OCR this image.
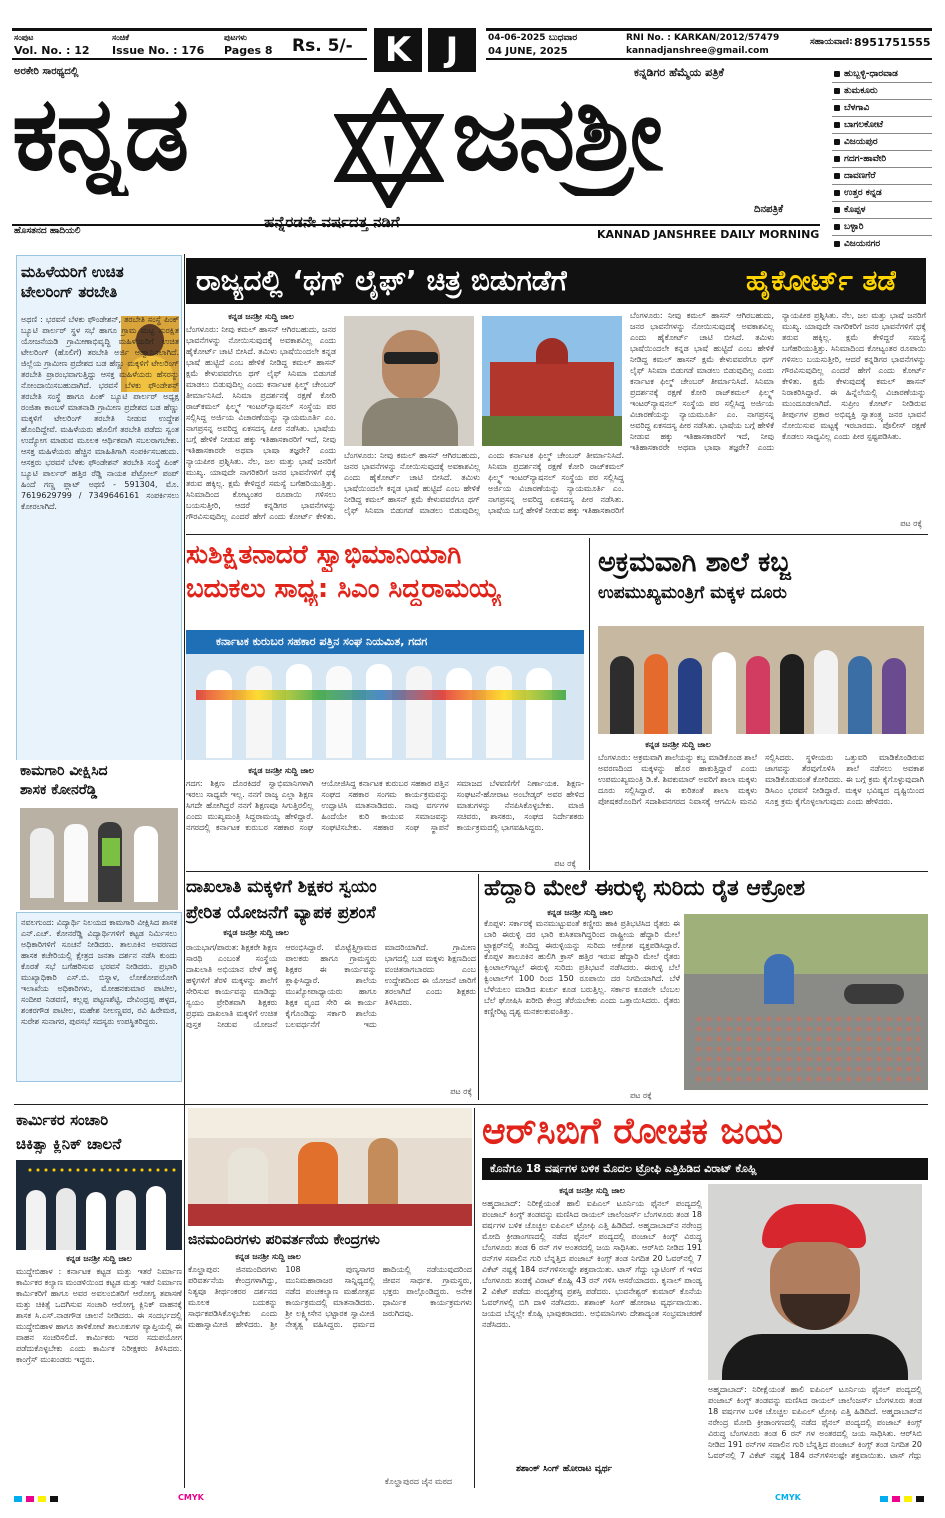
ಸಂಪುಟ
Vol. No. : 12
ಸಂಚಿಕೆ
Issue No. : 176
ಪುಟಗಳು
Pages 8 Rs. 5/- K	J	04-06-2025 ಬುಧವಾರ
04 JUNE, 2025
RNI No. : KARKAN/2012/57479
kannadjanshree@gmail.com
ಸಹಾಯವಾಣಿ: 8951751555
ಅರಕೇರಿ ಸಾರಥ್ಯದಲ್ಲಿ	ಕನ್ನಡಿಗರ ಹೆಮ್ಮೆಯ ಪತ್ರಿಕೆ
ಕನ್ನಡ	ಜನಶ್ರೀ
ದಿನಪತ್ರಿಕೆ
ಹೊಸತನದ ಹಾದಿಯಲಿ	ಹನ್ನೆರಡನೇ ವರ್ಷದತ್ತ ನಡಿಗೆ
KANNAD JANSHREE DAILY MORNING
ಹುಬ್ಬಳ್ಳಿ-ಧಾರವಾಡ
ತುಮಕೂರು
ಬೆಳಗಾವಿ
ಬಾಗಲಕೋಟೆ
ವಿಜಯಪುರ
ಗದಗ-ಹಾವೇರಿ
ದಾವಣಗೆರೆ
ಉತ್ತರ ಕನ್ನಡ
ಕೊಪ್ಪಳ
ಬಳ್ಳಾರಿ
ವಿಜಯನಗರ
ಮಹಿಳೆಯರಿಗೆ ಉಚಿತ
ಟೇಲರಿಂಗ್ ತರಬೇತಿ
ಅಥಣಿ : ಭರವಸೆ ಬೆಳಕು ಫೌಂಡೇಶನ್, ತರಬೇತಿ ಸಂಸ್ಥೆ ಪಿಂಕ್ ಬ್ಯೂಟಿ ಪಾರ್ಲರ್ ಸ್ಥಳ ಸಭೆ ಹಾಗೂ ಗ್ರಾಮ ಮಟ್ಟ ಸುರಕ್ಷಿತ ಯೋಜನೆಯಡಿ ಗ್ರಾಮೀಣಾಭಿವೃದ್ಧಿ ಮಹಿಳೆಯರಿಗೆ ಉಚಿತ ಟೇಲರಿಂಗ್ (ಹೊಲಿಗೆ) ತರಬೇತಿ ಅರ್ಜಿ ಆಹ್ವಾನಿಸಲಾಗಿದೆ. ಜಿಲ್ಲೆಯ ಗ್ರಾಮೀಣ ಪ್ರದೇಶದ ಬಡ ಹೆಣ್ಣು ಮಕ್ಕಳಿಗೆ ಟೇಲರಿಂಗ್ ತರಬೇತಿ ಪ್ರಾರಂಭವಾಗುತ್ತಿದ್ದು ಆಸಕ್ತ ಮಹಿಳೆಯರು ಹೆಸರನ್ನು ನೋಂದಾಯಿಸಬಹುದಾಗಿದೆ. ಭರವಸೆ ಬೆಳಕು ಫೌಂಡೇಶನ್ ತರಬೇತಿ ಸಂಸ್ಥೆ ಹಾಗೂ ಪಿಂಕ್ ಬ್ಯೂಟಿ ಪಾರ್ಲರ್ ಅಧ್ಯಕ್ಷ ರಂಜಿತಾ ಕಾಂಬಳೆ ಮಾತನಾಡಿ ಗ್ರಾಮೀಣ ಪ್ರದೇಶದ ಬಡ ಹೆಣ್ಣು ಮಕ್ಕಳಿಗೆ ಟೇಲರಿಂಗ್ ತರಬೇತಿ ನೀಡುವ ಉದ್ದೇಶ ಹೊಂದಿದ್ದೇವೆ. ಮಹಿಳೆಯರು ಹೊಲಿಗೆ ತರಬೇತಿ ಪಡೆದು ಸ್ವಂತ ಉದ್ಯೋಗ ಮಾಡುವ ಮೂಲಕ ಆರ್ಥಿಕವಾಗಿ ಸಬಲರಾಗಬೇಕು. ಆಸಕ್ತ ಮಹಿಳೆಯರು ಹೆಚ್ಚಿನ ಮಾಹಿತಿಗಾಗಿ ಸಂಪರ್ಕಿಸಬಹುದು. ಆಸಕ್ತರು ಭರವಸೆ ಬೆಳಕು ಫೌಂಡೇಶನ್ ತರಬೇತಿ ಸಂಸ್ಥೆ ಪಿಂಕ್ ಬ್ಯೂಟಿ ಪಾರ್ಲರ್ ಹತ್ತಿರ ರೆಡ್ಡಿ ನಾಯಕ ಪೆಟ್ರೋಲ್ ಪಂಪ್ ಹಿಂದೆ ಗಣ್ಣ ಪ್ಲಾಟ್ ಅಥಣಿ - 591304, ಮೊ. 7619629799 / 7349646161 ಸಂಪರ್ಕಿಸಲು ಕೋರಲಾಗಿದೆ.
ಕಾಮಗಾರಿ ವೀಕ್ಷಿಸಿದ
ಶಾಸಕ ಕೋನರೆಡ್ಡಿ
ನವಲಗುಂದ: ವಿದ್ಯಾರ್ಥಿ ನಿಲಯದ ಕಾಮಗಾರಿ ವೀಕ್ಷಿಸಿದ ಶಾಸಕ ಎನ್.ಎಚ್. ಕೋನರೆಡ್ಡಿ ವಿದ್ಯಾರ್ಥಿಗಳಿಗೆ ಕಟ್ಟಡ ನಿರ್ಮಿಸಲು ಅಧಿಕಾರಿಗಳಿಗೆ ಸೂಚನೆ ನೀಡಿದರು. ತಾಲೂಕಿನ ಅವರಣದ ಹಾಸಕ ಕಚೇರಿಯಲ್ಲಿ ಕ್ಷೇತ್ರದ ಜನತಾ ದರ್ಶನ ನಡೆಸಿ ಕುಂದು ಕೊರತೆ ಸಭೆ ಬಗೆಹರಿಸುವ ಭರವಸೆ ನೀಡಿದರು. ಪ್ರಭಾರಿ ಮುಖ್ಯಾಧಿಕಾರಿ ಎಸ್.ಬಿ. ಬಿಸ್ನಾಳ, ಲೋಕೋಪಯೋಗಿ ಇಲಾಖೆಯ ಅಧಿಕಾರಿಗಳು, ಮೋಹನಕುಮಾರ ಪಾಟೀಲ, ಸಂದೀಪ ನಿಡವಣಿ, ಕಲ್ಲಪ್ಪ ಪಟ್ಟಣಶೆಟ್ಟಿ, ದೇವಿಂದ್ರಪ್ಪ ಹಳ್ಳದ, ಶಂಕರಗೌಡ ಪಾಟೀಲ, ಮಹೇಶ ನೀಲಣ್ಣವರ, ರವಿ ಹಿರೇಮಠ, ಸುರೇಶ ಸುನಾಗರ, ಪುರಸಭೆ ಸದಸ್ಯರು ಉಪಸ್ಥಿತರಿದ್ದರು.
ರಾಜ್ಯದಲ್ಲಿ ‘ಥಗ್ ಲೈಫ್’ ಚಿತ್ರ ಬಿಡುಗಡೆಗೆ	ಹೈಕೋರ್ಟ್ ತಡೆ
ಕನ್ನಡ ಜನಶ್ರೀ ಸುದ್ದಿ ಜಾಲ
ಬೆಂಗಳೂರು: ನೀವು ಕಮಲ್ ಹಾಸನ್ ಆಗಿರಬಹುದು, ಜನರ ಭಾವನೆಗಳನ್ನು ನೋಯಿಸುವುದಕ್ಕೆ ಅವಕಾಶವಿಲ್ಲ ಎಂದು ಹೈಕೋರ್ಟ್ ಚಾಟಿ ಬೀಸಿದೆ. ತಮಿಳು ಭಾಷೆಯಿಂದಲೇ ಕನ್ನಡ ಭಾಷೆ ಹುಟ್ಟಿದೆ ಎಂಬ ಹೇಳಿಕೆ ನೀಡಿದ್ದ ಕಮಲ್ ಹಾಸನ್ ಕ್ಷಮೆ ಕೇಳುವವರೆಗೂ ಥಗ್ ಲೈಫ್ ಸಿನಿಮಾ ಬಿಡುಗಡೆ ಮಾಡಲು ಬಿಡುವುದಿಲ್ಲ ಎಂದು ಕರ್ನಾಟಕ ಫಿಲ್ಮ್ ಚೇಂಬರ್ ತೀರ್ಮಾನಿಸಿದೆ. ಸಿನಿಮಾ ಪ್ರದರ್ಶನಕ್ಕೆ ರಕ್ಷಣೆ ಕೋರಿ ರಾಜ್‌ಕಮಲ್ ಫಿಲ್ಮ್ಸ್ ಇಂಟರ್‌ನ್ಯಾಷನಲ್ ಸಂಸ್ಥೆಯ ಪರ ಸಲ್ಲಿಸಿದ್ದ ಅರ್ಜಿಯ ವಿಚಾರಣೆಯನ್ನು ನ್ಯಾಯಮೂರ್ತಿ ಎಂ. ನಾಗಪ್ರಸನ್ನ ಅವರಿದ್ದ ಏಕಸದಸ್ಯ ಪೀಠ ನಡೆಸಿತು. ಭಾಷೆಯ ಬಗ್ಗೆ ಹೇಳಿಕೆ ನೀಡುವ ಹಕ್ಕು ಇತಿಹಾಸಕಾರರಿಗೆ ಇದೆ, ನೀವು ಇತಿಹಾಸಕಾರರೇ ಅಥವಾ ಭಾಷಾ ತಜ್ಞರೇ? ಎಂದು ನ್ಯಾಯಪೀಠ ಪ್ರಶ್ನಿಸಿತು. ನೆಲ, ಜಲ ಮತ್ತು ಭಾಷೆ ಜನರಿಗೆ ಮುಖ್ಯ. ಯಾವುದೇ ನಾಗರಿಕರಿಗೆ ಜನರ ಭಾವನೆಗಳಿಗೆ ಧಕ್ಕೆ ತರುವ ಹಕ್ಕಿಲ್ಲ. ಕ್ಷಮೆ ಕೇಳಿದ್ದರೆ ಸಮಸ್ಯೆ ಬಗೆಹರಿಯುತ್ತಿತ್ತು. ಸಿನಿಮಾದಿಂದ ಕೋಟ್ಯಂತರ ರೂಪಾಯಿ ಗಳಿಸಲು ಬಯಸುತ್ತೀರಿ, ಆದರೆ ಕನ್ನಡಿಗರ ಭಾವನೆಗಳನ್ನು ಗೌರವಿಸುವುದಿಲ್ಲ ಎಂದರೆ ಹೇಗೆ ಎಂದು ಕೋರ್ಟ್ ಕೇಳಿತು.
ಬೆಂಗಳೂರು: ನೀವು ಕಮಲ್ ಹಾಸನ್ ಆಗಿರಬಹುದು, ಜನರ ಭಾವನೆಗಳನ್ನು ನೋಯಿಸುವುದಕ್ಕೆ ಅವಕಾಶವಿಲ್ಲ ಎಂದು ಹೈಕೋರ್ಟ್ ಚಾಟಿ ಬೀಸಿದೆ. ತಮಿಳು ಭಾಷೆಯಿಂದಲೇ ಕನ್ನಡ ಭಾಷೆ ಹುಟ್ಟಿದೆ ಎಂಬ ಹೇಳಿಕೆ ನೀಡಿದ್ದ ಕಮಲ್ ಹಾಸನ್ ಕ್ಷಮೆ ಕೇಳುವವರೆಗೂ ಥಗ್ ಲೈಫ್ ಸಿನಿಮಾ ಬಿಡುಗಡೆ ಮಾಡಲು ಬಿಡುವುದಿಲ್ಲ ಎಂದು ಕರ್ನಾಟಕ ಫಿಲ್ಮ್ ಚೇಂಬರ್ ತೀರ್ಮಾನಿಸಿದೆ. ಸಿನಿಮಾ ಪ್ರದರ್ಶನಕ್ಕೆ ರಕ್ಷಣೆ ಕೋರಿ ರಾಜ್‌ಕಮಲ್ ಫಿಲ್ಮ್ಸ್ ಇಂಟರ್‌ನ್ಯಾಷನಲ್ ಸಂಸ್ಥೆಯ ಪರ ಸಲ್ಲಿಸಿದ್ದ ಅರ್ಜಿಯ ವಿಚಾರಣೆಯನ್ನು ನ್ಯಾಯಮೂರ್ತಿ ಎಂ. ನಾಗಪ್ರಸನ್ನ ಅವರಿದ್ದ ಏಕಸದಸ್ಯ ಪೀಠ ನಡೆಸಿತು. ಭಾಷೆಯ ಬಗ್ಗೆ ಹೇಳಿಕೆ ನೀಡುವ ಹಕ್ಕು ಇತಿಹಾಸಕಾರರಿಗೆ ಇದೆ, ನೀವು ಇತಿಹಾಸಕಾರರೇ ಅಥವಾ ಭಾಷಾ ತಜ್ಞರೇ? ಎಂದು ನ್ಯಾಯಪೀಠ ಪ್ರಶ್ನಿಸಿತು. ನೆಲ, ಜಲ ಮತ್ತು ಭಾಷೆ ಜನರಿಗೆ ಮುಖ್ಯ. ಯಾವುದೇ ನಾಗರಿಕರಿಗೆ ಜನರ ಭಾವನೆಗಳಿಗೆ ಧಕ್ಕೆ ತರುವ ಹಕ್ಕಿಲ್ಲ. ಕ್ಷಮೆ ಕೇಳಿದ್ದರೆ ಸಮಸ್ಯೆ ಬಗೆಹರಿಯುತ್ತಿತ್ತು. ಸಿನಿಮಾದಿಂದ ಕೋಟ್ಯಂತರ ರೂಪಾಯಿ ಗಳಿಸಲು ಬಯಸುತ್ತೀರಿ, ಆದರೆ ಕನ್ನಡಿಗರ ಭಾವನೆಗಳನ್ನು ಗೌರವಿಸುವುದಿಲ್ಲ ಎಂದರೆ ಹೇಗೆ ಎಂದು ಕೋರ್ಟ್ ಕೇಳಿತು. ಕ್ಷಮೆ ಕೇಳುವುದಕ್ಕೆ ಕಮಲ್ ಹಾಸನ್ ನಿರಾಕರಿಸಿದ್ದಾರೆ. ಈ ಹಿನ್ನೆಲೆಯಲ್ಲಿ ವಿಚಾರಣೆಯನ್ನು ಮುಂದೂಡಲಾಗಿದೆ. ಸುಪ್ರೀಂ ಕೋರ್ಟ್ ನೀಡಿರುವ ತೀರ್ಪುಗಳ ಪ್ರಕಾರ ಅಭಿವ್ಯಕ್ತಿ ಸ್ವಾತಂತ್ರ್ಯ ಜನರ ಭಾವನೆ ನೋಯಿಸುವ ಮಟ್ಟಕ್ಕೆ ಇರಬಾರದು. ಪೊಲೀಸ್ ರಕ್ಷಣೆ ಕೊಡಲು ಸಾಧ್ಯವಿಲ್ಲ ಎಂದು ಪೀಠ ಸ್ಪಷ್ಟಪಡಿಸಿತು.
ಬೆಂಗಳೂರು: ನೀವು ಕಮಲ್ ಹಾಸನ್ ಆಗಿರಬಹುದು, ಜನರ ಭಾವನೆಗಳನ್ನು ನೋಯಿಸುವುದಕ್ಕೆ ಅವಕಾಶವಿಲ್ಲ ಎಂದು ಹೈಕೋರ್ಟ್ ಚಾಟಿ ಬೀಸಿದೆ. ತಮಿಳು ಭಾಷೆಯಿಂದಲೇ ಕನ್ನಡ ಭಾಷೆ ಹುಟ್ಟಿದೆ ಎಂಬ ಹೇಳಿಕೆ ನೀಡಿದ್ದ ಕಮಲ್ ಹಾಸನ್ ಕ್ಷಮೆ ಕೇಳುವವರೆಗೂ ಥಗ್ ಲೈಫ್ ಸಿನಿಮಾ ಬಿಡುಗಡೆ ಮಾಡಲು ಬಿಡುವುದಿಲ್ಲ ಎಂದು ಕರ್ನಾಟಕ ಫಿಲ್ಮ್ ಚೇಂಬರ್ ತೀರ್ಮಾನಿಸಿದೆ. ಸಿನಿಮಾ ಪ್ರದರ್ಶನಕ್ಕೆ ರಕ್ಷಣೆ ಕೋರಿ ರಾಜ್‌ಕಮಲ್ ಫಿಲ್ಮ್ಸ್ ಇಂಟರ್‌ನ್ಯಾಷನಲ್ ಸಂಸ್ಥೆಯ ಪರ ಸಲ್ಲಿಸಿದ್ದ ಅರ್ಜಿಯ ವಿಚಾರಣೆಯನ್ನು ನ್ಯಾಯಮೂರ್ತಿ ಎಂ. ನಾಗಪ್ರಸನ್ನ ಅವರಿದ್ದ ಏಕಸದಸ್ಯ ಪೀಠ ನಡೆಸಿತು. ಭಾಷೆಯ ಬಗ್ಗೆ ಹೇಳಿಕೆ ನೀಡುವ ಹಕ್ಕು ಇತಿಹಾಸಕಾರರಿಗೆ
ಪಟ ರಕ್ಕೆ
ಸುಶಿಕ್ಷಿತನಾದರೆ ಸ್ವಾಭಿಮಾನಿಯಾಗಿ
ಬದುಕಲು ಸಾಧ್ಯ: ಸಿಎಂ ಸಿದ್ದರಾಮಯ್ಯ
ಕರ್ನಾಟಕ ಕುರುಬರ ಸಹಕಾರ ಪತ್ತಿನ ಸಂಘ ನಿಯಮಿತ, ಗದಗ
ಕನ್ನಡ ಜನಶ್ರೀ ಸುದ್ದಿ ಜಾಲ
ಗದಗ: ಶಿಕ್ಷಣ ದೊರಕಿದರೆ ಸ್ವಾಭಿಮಾನಿಗಳಾಗಿ ಇರಲು ಸಾಧ್ಯವೇ ಇಲ್ಲ. ನನಗೆ ರಾಜ್ಯ ಎಲ್ಲಾ ಶಿಕ್ಷಣ ಸಿಗದೇ ಹೋಗಿದ್ದರೆ ನನಗೆ ಶಿಕ್ಷಣವೂ ಸಿಗುತ್ತಿರಲಿಲ್ಲ ಎಂದು ಮುಖ್ಯಮಂತ್ರಿ ಸಿದ್ದರಾಮಯ್ಯ ಹೇಳಿದ್ದಾರೆ. ನಗರದಲ್ಲಿ ಕರ್ನಾಟಕ ಕುರುಬರ ಸಹಕಾರ ಸಂಘ ಆಯೋಜಿಸಿದ್ದ ಕರ್ನಾಟಕ ಕುರುಬರ ಸಹಕಾರ ಪತ್ತಿನ ಸಂಘದ ಸಹಕಾರ ಸಂಗಮ ಕಾರ್ಯಕ್ರಮವನ್ನು ಉದ್ಘಾಟಿಸಿ ಮಾತನಾಡಿದರು. ನಾವು ವರ್ಗಗಳ ಹಿಂದೆಯೇ ಕುರಿ ಕಾಯುವ ಸಮಾಜವನ್ನು ಸಂಘಟಿಸಬೇಕು. ಸಹಕಾರ ಸಂಘ ಸ್ಥಾಪನೆ ಸಮಾಜದ ಬೆಳವಣಿಗೆಗೆ ನಿರ್ಣಾಯಕ. ಶಿಕ್ಷಣ-ಸಂಘಟನೆ-ಹೋರಾಟ ಅಂಬೇಡ್ಕರ್ ಅವರ ಹೇಳಿದ ಮಾತುಗಳನ್ನು ನೆನಪಿಸಿಕೊಳ್ಳಬೇಕು. ಮಾಜಿ ಸಚಿವರು, ಶಾಸಕರು, ಸಂಘದ ನಿರ್ದೇಶಕರು ಕಾರ್ಯಕ್ರಮದಲ್ಲಿ ಭಾಗವಹಿಸಿದ್ದರು.
ಪಟ ರಕ್ಕೆ
ಅಕ್ರಮವಾಗಿ ಶಾಲೆ ಕಬ್ಜ
ಉಪಮುಖ್ಯಮಂತ್ರಿಗೆ ಮಕ್ಕಳ ದೂರು
ಕನ್ನಡ ಜನಶ್ರೀ ಸುದ್ದಿ ಜಾಲ
ಬೆಂಗಳೂರು: ಅಕ್ರಮವಾಗಿ ಶಾಲೆಯನ್ನು ಕಬ್ಜ ಮಾಡಿಕೊಂಡ ಶಾಲೆ ಅವರಣದಿಂದ ಮಕ್ಕಳನ್ನು ಹೊರ ಹಾಕುತ್ತಿದ್ದಾರೆ ಎಂದು ಉಪಮುಖ್ಯಮಂತ್ರಿ ಡಿ.ಕೆ. ಶಿವಕುಮಾರ್ ಅವರಿಗೆ ಶಾಲಾ ಮಕ್ಕಳು ದೂರು ಸಲ್ಲಿಸಿದ್ದಾರೆ. ಈ ಕುರಿತಂತೆ ಶಾಲಾ ಮಕ್ಕಳು ಪೋಷಕರೊಂದಿಗೆ ಸದಾಶಿವನಗರದ ನಿವಾಸಕ್ಕೆ ಆಗಮಿಸಿ ಮನವಿ ಸಲ್ಲಿಸಿದರು. ಸ್ಥಳೀಯರು ಒತ್ತುವರಿ ಮಾಡಿಕೊಂಡಿರುವ ಜಾಗವನ್ನು ತೆರವುಗೊಳಿಸಿ ಶಾಲೆ ನಡೆಸಲು ಅವಕಾಶ ಮಾಡಿಕೊಡುವಂತೆ ಕೋರಿದರು. ಈ ಬಗ್ಗೆ ಕ್ರಮ ಕೈಗೊಳ್ಳುವುದಾಗಿ ಡಿಸಿಎಂ ಭರವಸೆ ನೀಡಿದ್ದಾರೆ. ಮಕ್ಕಳ ಭವಿಷ್ಯದ ದೃಷ್ಟಿಯಿಂದ ಸೂಕ್ತ ಕ್ರಮ ಕೈಗೊಳ್ಳಲಾಗುವುದು ಎಂದು ಹೇಳಿದರು.
ದಾಖಲಾತಿ ಮಕ್ಕಳಿಗೆ ಶಿಕ್ಷಕರ ಸ್ವಯಂ
ಪ್ರೇರಿತ ಯೋಜನೆಗೆ ವ್ಯಾಪಕ ಪ್ರಶಂಸೆ
ಕನ್ನಡ ಜನಶ್ರೀ ಸುದ್ದಿ ಜಾಲ
ರಾಯಭಾಗ/ಪಾರುತ: ಶಿಕ್ಷಕರೇ ಶಿಕ್ಷಣ ಸಾರಥಿ ಎಂಬಂತೆ ಸಂಸ್ಥೆಯ ದಾಖಲಾತಿ ಅಭಿಯಾನ ವೇಳೆ ಹಳ್ಳಿ ಹಳ್ಳಿಗಳಿಗೆ ತೆರಳಿ ಮಕ್ಕಳನ್ನು ಶಾಲೆಗೆ ಸೇರಿಸುವ ಕಾರ್ಯವನ್ನು ಮಾಡಿದ್ದು ಸ್ವಯಂ ಪ್ರೇರಿತವಾಗಿ ಶಿಕ್ಷಕರು ಪ್ರಥಮ ದಾಖಲಾತಿ ಮಕ್ಕಳಿಗೆ ಉಚಿತ ಪುಸ್ತಕ ನೀಡುವ ಯೋಜನೆ ಆರಂಭಿಸಿದ್ದಾರೆ. ಮೊಟ್ಟೆತ್ತಿಗ್ರಾಮದ ಪಾಲಕರು ಹಾಗೂ ಗ್ರಾಮಸ್ಥರು ಶಿಕ್ಷಕರ ಈ ಕಾರ್ಯವನ್ನು ಶ್ಲಾಘಿಸಿದ್ದಾರೆ. ಶಾಲೆಯ ಮುಖ್ಯೋಪಾಧ್ಯಾಯರು ಹಾಗೂ ಶಿಕ್ಷಕ ವೃಂದ ಸೇರಿ ಈ ಕಾರ್ಯ ಕೈಗೊಂಡಿದ್ದು ಸರ್ಕಾರಿ ಶಾಲೆಯ ಬಲವರ್ಧನೆಗೆ ಇದು ಮಾದರಿಯಾಗಿದೆ. ಗ್ರಾಮೀಣ ಭಾಗದಲ್ಲಿ ಬಡ ಮಕ್ಕಳು ಶಿಕ್ಷಣದಿಂದ ವಂಚಿತರಾಗಬಾರದು ಎಂಬ ಉದ್ದೇಶದಿಂದ ಈ ಯೋಜನೆ ಜಾರಿಗೆ ತರಲಾಗಿದೆ ಎಂದು ಶಿಕ್ಷಕರು ತಿಳಿಸಿದರು.
ಪಟ ರಕ್ಕೆ
ಹೆದ್ದಾರಿ ಮೇಲೆ ಈರುಳ್ಳಿ ಸುರಿದು ರೈತ ಆಕ್ರೋಶ
ಕನ್ನಡ ಜನಶ್ರೀ ಸುದ್ದಿ ಜಾಲ
ಕೊಪ್ಪಳ: ಸರ್ಕಾರಕ್ಕೆ ಮನಮುಟ್ಟುವಂತೆ ಕಣ್ಣೀರು ಹಾಕಿ ಪ್ರತಿಭಟಿಸಿದ ರೈತರು ಈ ಬಾರಿ ಈರುಳ್ಳಿ ದರ ಭಾರಿ ಕುಸಿತವಾಗಿದ್ದರಿಂದ ರಾಷ್ಟ್ರೀಯ ಹೆದ್ದಾರಿ ಮೇಲೆ ಟ್ರ್ಯಾಕ್ಟರ್‌ನಲ್ಲಿ ತಂದಿದ್ದ ಈರುಳ್ಳಿಯನ್ನು ಸುರಿದು ಆಕ್ರೋಶ ವ್ಯಕ್ತಪಡಿಸಿದ್ದಾರೆ. ಕೊಪ್ಪಳ ತಾಲೂಕಿನ ಹುಲಿಗಿ ಕ್ರಾಸ್ ಹತ್ತಿರ ಇರುವ ಹೆದ್ದಾರಿ ಮೇಲೆ ರೈತರು ಕ್ವಿಂಟಾಲ್‌ಗಟ್ಟಲೆ ಈರುಳ್ಳಿ ಸುರಿದು ಪ್ರತಿಭಟನೆ ನಡೆಸಿದರು. ಈರುಳ್ಳಿ ಬೆಲೆ ಕ್ವಿಂಟಾಲ್‌ಗೆ 100 ರಿಂದ 150 ರೂಪಾಯಿ ದರ ನಿಗದಿಯಾಗಿದೆ. ಬೆಳೆ ಬೆಳೆಯಲು ಮಾಡಿದ ಖರ್ಚು ಕೂಡ ಬರುತ್ತಿಲ್ಲ. ಸರ್ಕಾರ ಕೂಡಲೇ ಬೆಂಬಲ ಬೆಲೆ ಘೋಷಿಸಿ ಖರೀದಿ ಕೇಂದ್ರ ತೆರೆಯಬೇಕು ಎಂದು ಒತ್ತಾಯಿಸಿದರು. ರೈತರು ಕಣ್ಣೀರಿಟ್ಟ ದೃಶ್ಯ ಮನಕಲಕುವಂತಿತ್ತು.
ಪಟ ರಕ್ಕೆ
ಕಾರ್ಮಿಕರ ಸಂಚಾರಿ
ಚಿಕಿತ್ಸಾ ಕ್ಲಿನಿಕ್ ಚಾಲನೆ
ಕನ್ನಡ ಜನಶ್ರೀ ಸುದ್ದಿ ಜಾಲ
ಮುದ್ದೇಬಿಹಾಳ : ಕರ್ನಾಟಕ ಕಟ್ಟಡ ಮತ್ತು ಇತರೆ ನಿರ್ಮಾಣ ಕಾರ್ಮಿಕರ ಕಲ್ಯಾಣ ಮಂಡಳಿಯಿಂದ ಕಟ್ಟಡ ಮತ್ತು ಇತರೆ ನಿರ್ಮಾಣ ಕಾರ್ಮಿಕರಿಗೆ ಹಾಗೂ ಅವರ ಅವಲಂಬಿತರಿಗೆ ಆರೋಗ್ಯ ತಪಾಸಣೆ ಮತ್ತು ಚಿಕಿತ್ಸೆ ಒದಗಿಸುವ ಸಂಚಾರಿ ಆರೋಗ್ಯ ಕ್ಲಿನಿಕ್ ವಾಹನಕ್ಕೆ ಶಾಸಕ ಸಿ.ಎಸ್.ನಾಡಗೌಡ ಚಾಲನೆ ನೀಡಿದರು. ಈ ಸಂದರ್ಭದಲ್ಲಿ ಮುದ್ದೇಬಿಹಾಳ ಹಾಗೂ ತಾಳಿಕೋಟೆ ತಾಲೂಕುಗಳ ವ್ಯಾಪ್ತಿಯಲ್ಲಿ ಈ ವಾಹನ ಸಂಚರಿಸಲಿದೆ. ಕಾರ್ಮಿಕರು ಇದರ ಸದುಪಯೋಗ ಪಡೆದುಕೊಳ್ಳಬೇಕು ಎಂದು ಕಾರ್ಮಿಕ ನಿರೀಕ್ಷಕರು ತಿಳಿಸಿದರು. ಕಾಂಗ್ರೆಸ್ ಮುಖಂಡರು ಇದ್ದರು.
ಜಿನಮಂದಿರಗಳು ಪರಿವರ್ತನೆಯ ಕೇಂದ್ರಗಳು
ಕನ್ನಡ ಜನಶ್ರೀ ಸುದ್ದಿ ಜಾಲ
ಕೊಲ್ಹಾಪುರ: ಜಿನಮಂದಿರಗಳು ಪರಿವರ್ತನೆಯ ಕೇಂದ್ರಗಳಾಗಿದ್ದು, ನಿತ್ಯವೂ ತೀರ್ಥಂಕರರ ದರ್ಶನದ ಮೂಲಕ ಬದುಕನ್ನು ಸಾರ್ಥಕಪಡಿಸಿಕೊಳ್ಳಬೇಕು ಎಂದು ಮಹಾಸ್ವಾಮೀಜಿ ಹೇಳಿದರು. ಶ್ರೀ 108 ಪುಣ್ಯಸಾಗರ ಮುನಿಮಹಾರಾಜರ ಸಾನ್ನಿಧ್ಯದಲ್ಲಿ ನಡೆದ ಪಂಚಕಲ್ಯಾಣ ಮಹೋತ್ಸವ ಕಾರ್ಯಕ್ರಮದಲ್ಲಿ ಮಾತನಾಡಿದರು. ಶ್ರೀ ಲಕ್ಷ್ಮೀಸೇನ ಭಟ್ಟಾರಕ ಸ್ವಾಮೀಜಿ ನೇತೃತ್ವ ವಹಿಸಿದ್ದರು. ಧರ್ಮದ ಹಾದಿಯಲ್ಲಿ ನಡೆಯುವುದರಿಂದ ಜೀವನ ಸಾರ್ಥಕ. ಗ್ರಾಮಸ್ಥರು, ಭಕ್ತರು ಪಾಲ್ಗೊಂಡಿದ್ದರು. ಅನೇಕ ಧಾರ್ಮಿಕ ಕಾರ್ಯಕ್ರಮಗಳು ಜರುಗಿದವು.
ಕೊಲ್ಹಾಪುರದ ಜೈನ ಮಠದ
ಆರ್‌ಸಿಬಿಗೆ ರೋಚಕ ಜಯ
ಕೊನೆಗೂ 18 ವರ್ಷಗಳ ಬಳಿಕ ಮೊದಲ ಟ್ರೋಫಿ ಎತ್ತಿಹಿಡಿದ ವಿರಾಟ್ ಕೊಹ್ಲಿ
ಕನ್ನಡ ಜನಶ್ರೀ ಸುದ್ದಿ ಜಾಲ
ಅಹ್ಮದಾಬಾದ್: ನಿರೀಕ್ಷೆಯಂತೆ ಹಾಲಿ ಐಪಿಎಲ್ ಟೂರ್ನಿಯ ಫೈನಲ್ ಪಂದ್ಯದಲ್ಲಿ ಪಂಜಾಬ್ ಕಿಂಗ್ಸ್ ತಂಡವನ್ನು ಮಣಿಸಿದ ರಾಯಲ್ ಚಾಲೆಂಜರ್ಸ್ ಬೆಂಗಳೂರು ತಂಡ 18 ವರ್ಷಗಳ ಬಳಿಕ ಚೊಚ್ಚಲ ಐಪಿಎಲ್ ಟ್ರೋಫಿ ಎತ್ತಿ ಹಿಡಿದಿದೆ. ಅಹ್ಮದಾಬಾದ್‌ನ ನರೇಂದ್ರ ಮೋದಿ ಕ್ರೀಡಾಂಗಣದಲ್ಲಿ ನಡೆದ ಫೈನಲ್ ಪಂದ್ಯದಲ್ಲಿ ಪಂಜಾಬ್ ಕಿಂಗ್ಸ್ ವಿರುದ್ಧ ಬೆಂಗಳೂರು ತಂಡ 6 ರನ್ ಗಳ ಅಂತರದಲ್ಲಿ ಜಯ ಸಾಧಿಸಿತು. ಆರ್‌ಸಿಬಿ ನೀಡಿದ 191 ರನ್‌ಗಳ ಸವಾಲಿನ ಗುರಿ ಬೆನ್ನತ್ತಿದ ಪಂಜಾಬ್ ಕಿಂಗ್ಸ್ ತಂಡ ನಿಗದಿತ 20 ಓವರ್‌ನಲ್ಲಿ 7 ವಿಕೆಟ್ ನಷ್ಟಕ್ಕೆ 184 ರನ್‌ಗಳಿಸಲಷ್ಟೇ ಶಕ್ತವಾಯಿತು. ಟಾಸ್ ಗೆದ್ದು ಬ್ಯಾಟಿಂಗ್ ಗೆ ಇಳಿದ ಬೆಂಗಳೂರು ತಂಡಕ್ಕೆ ವಿರಾಟ್ ಕೊಹ್ಲಿ 43 ರನ್ ಗಳಿಸಿ ಆಸರೆಯಾದರು. ಕೃನಾಲ್ ಪಾಂಡ್ಯ 2 ವಿಕೆಟ್ ಪಡೆದು ಪಂದ್ಯಶ್ರೇಷ್ಠ ಪ್ರಶಸ್ತಿ ಪಡೆದರು. ಭುವನೇಶ್ವರ್ ಕುಮಾರ್ ಕೊನೆಯ ಓವರ್‌ಗಳಲ್ಲಿ ಬಿಗಿ ದಾಳಿ ನಡೆಸಿದರು. ಶಶಾಂಕ್ ಸಿಂಗ್ ಹೋರಾಟ ವ್ಯರ್ಥವಾಯಿತು. ಜಯದ ಬೆನ್ನಲ್ಲೇ ಕೊಹ್ಲಿ ಭಾವುಕರಾದರು. ಅಭಿಮಾನಿಗಳು ದೇಶಾದ್ಯಂತ ಸಂಭ್ರಮಾಚರಣೆ ನಡೆಸಿದರು.
ಅಹ್ಮದಾಬಾದ್: ನಿರೀಕ್ಷೆಯಂತೆ ಹಾಲಿ ಐಪಿಎಲ್ ಟೂರ್ನಿಯ ಫೈನಲ್ ಪಂದ್ಯದಲ್ಲಿ ಪಂಜಾಬ್ ಕಿಂಗ್ಸ್ ತಂಡವನ್ನು ಮಣಿಸಿದ ರಾಯಲ್ ಚಾಲೆಂಜರ್ಸ್ ಬೆಂಗಳೂರು ತಂಡ 18 ವರ್ಷಗಳ ಬಳಿಕ ಚೊಚ್ಚಲ ಐಪಿಎಲ್ ಟ್ರೋಫಿ ಎತ್ತಿ ಹಿಡಿದಿದೆ. ಅಹ್ಮದಾಬಾದ್‌ನ ನರೇಂದ್ರ ಮೋದಿ ಕ್ರೀಡಾಂಗಣದಲ್ಲಿ ನಡೆದ ಫೈನಲ್ ಪಂದ್ಯದಲ್ಲಿ ಪಂಜಾಬ್ ಕಿಂಗ್ಸ್ ವಿರುದ್ಧ ಬೆಂಗಳೂರು ತಂಡ 6 ರನ್ ಗಳ ಅಂತರದಲ್ಲಿ ಜಯ ಸಾಧಿಸಿತು. ಆರ್‌ಸಿಬಿ ನೀಡಿದ 191 ರನ್‌ಗಳ ಸವಾಲಿನ ಗುರಿ ಬೆನ್ನತ್ತಿದ ಪಂಜಾಬ್ ಕಿಂಗ್ಸ್ ತಂಡ ನಿಗದಿತ 20 ಓವರ್‌ನಲ್ಲಿ 7 ವಿಕೆಟ್ ನಷ್ಟಕ್ಕೆ 184 ರನ್‌ಗಳಿಸಲಷ್ಟೇ ಶಕ್ತವಾಯಿತು. ಟಾಸ್ ಗೆದ್ದು
ಶಶಾಂಕ್ ಸಿಂಗ್ ಹೋರಾಟ ವ್ಯರ್ಥ
CMYK	CMYK
